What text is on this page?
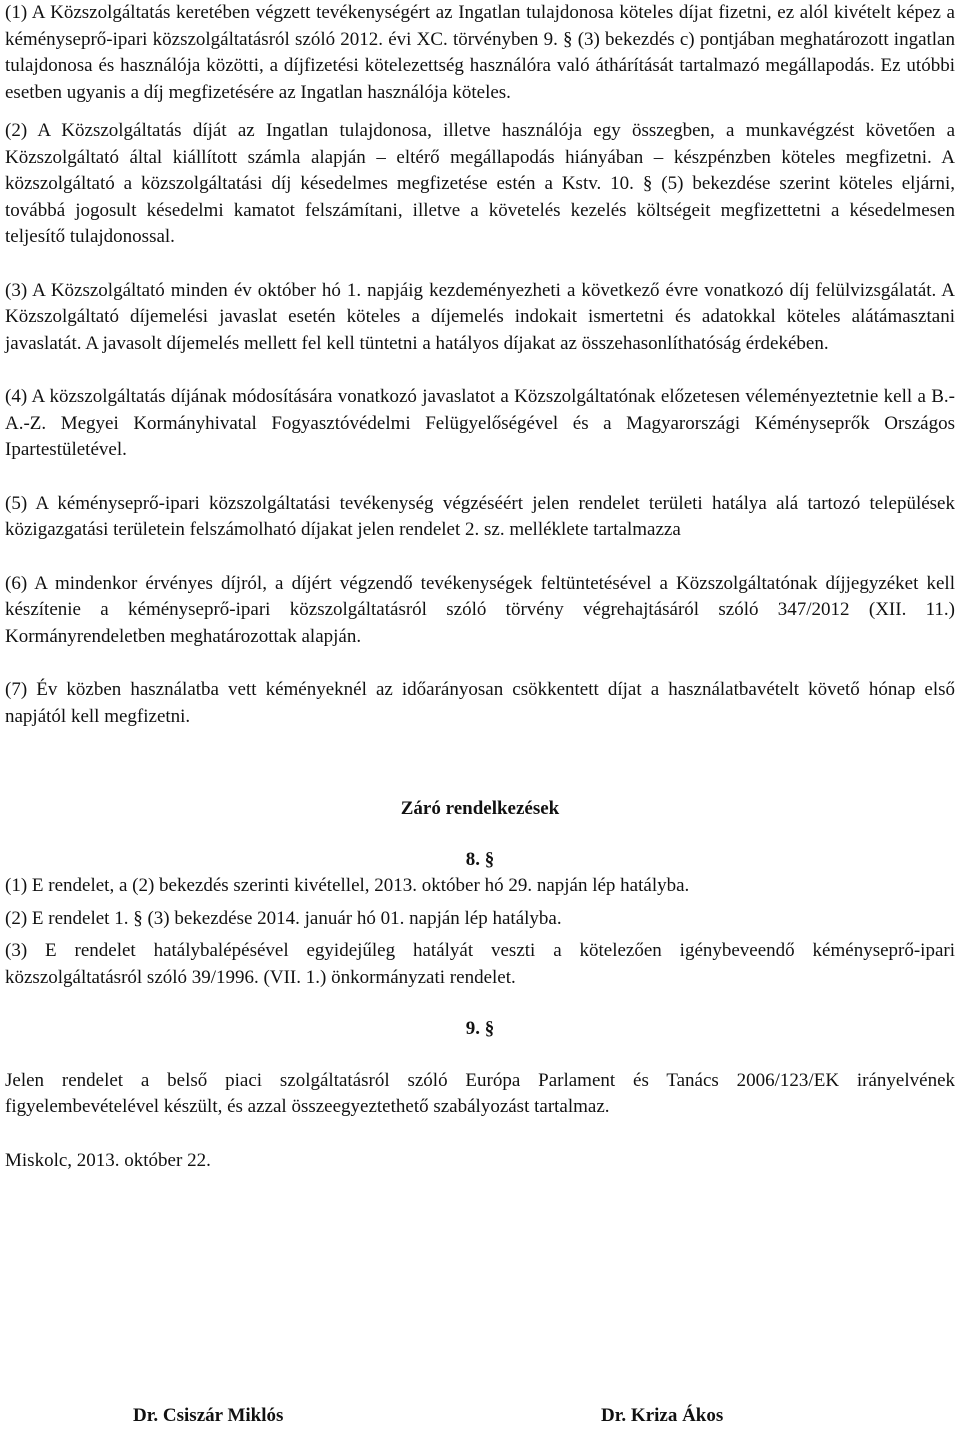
(1) A Közszolgáltatás keretében végzett tevékenységért az Ingatlan tulajdonosa köteles díjat fizetni, ez alól kivételt képez a kéményseprő-ipari közszolgáltatásról szóló 2012. évi XC. törvényben 9. § (3) bekezdés c) pontjában meghatározott ingatlan tulajdonosa és használója közötti, a díjfizetési kötelezettség használóra való áthárítását tartalmazó megállapodás. Ez utóbbi esetben ugyanis a díj megfizetésére az Ingatlan használója köteles.

(2) A Közszolgáltatás díját az Ingatlan tulajdonosa, illetve használója egy összegben, a munkavégzést követően a Közszolgáltató által kiállított számla alapján – eltérő megállapodás hiányában – készpénzben köteles megfizetni. A közszolgáltató a közszolgáltatási díj késedelmes megfizetése estén a Kstv. 10. § (5) bekezdése szerint köteles eljárni, továbbá jogosult késedelmi kamatot felszámítani, illetve a követelés kezelés költségeit megfizettetni a késedelmesen teljesítő tulajdonossal.

(3) A Közszolgáltató minden év október hó 1. napjáig kezdeményezheti a következő évre vonatkozó díj felülvizsgálatát. A Közszolgáltató díjemelési javaslat esetén köteles a díjemelés indokait ismertetni és adatokkal köteles alátámasztani javaslatát. A javasolt díjemelés mellett fel kell tüntetni a hatályos díjakat az összehasonlíthatóság érdekében.

(4) A közszolgáltatás díjának módosítására vonatkozó javaslatot a Közszolgáltatónak előzetesen véleményeztetnie kell a B.-A.-Z. Megyei Kormányhivatal Fogyasztóvédelmi Felügyelőségével és a Magyarországi Kéményseprők Országos Ipartestületével.

(5) A kéményseprő-ipari közszolgáltatási tevékenység végzéséért jelen rendelet területi hatálya alá tartozó települések közigazgatási területein felszámolható díjakat jelen rendelet 2. sz. melléklete tartalmazza

(6) A mindenkor érvényes díjról, a díjért végzendő tevékenységek feltüntetésével a Közszolgáltatónak díjjegyzéket kell készítenie a kéményseprő-ipari közszolgáltatásról szóló törvény végrehajtásáról szóló 347/2012 (XII. 11.) Kormányrendeletben meghatározottak alapján.

(7) Év közben használatba vett kéményeknél az időarányosan csökkentett díjat a használatbavételt követő hónap első napjától kell megfizetni.

Záró rendelkezések

8. §

(1) E rendelet, a (2) bekezdés szerinti kivétellel, 2013. október hó 29. napján lép hatályba.

(2) E rendelet 1. § (3) bekezdése 2014. január hó 01. napján lép hatályba.

(3) E rendelet hatálybalépésével egyidejűleg hatályát veszti a kötelezően igénybeveendő kéményseprő-ipari közszolgáltatásról szóló 39/1996. (VII. 1.) önkormányzati rendelet.

9. §

Jelen rendelet a belső piaci szolgáltatásról szóló Európa Parlament és Tanács 2006/123/EK irányelvének figyelembevételével készült, és azzal összeegyeztethető szabályozást tartalmaz.

Miskolc, 2013. október 22.

Dr. Csiszár Miklós	Dr. Kriza Ákos
